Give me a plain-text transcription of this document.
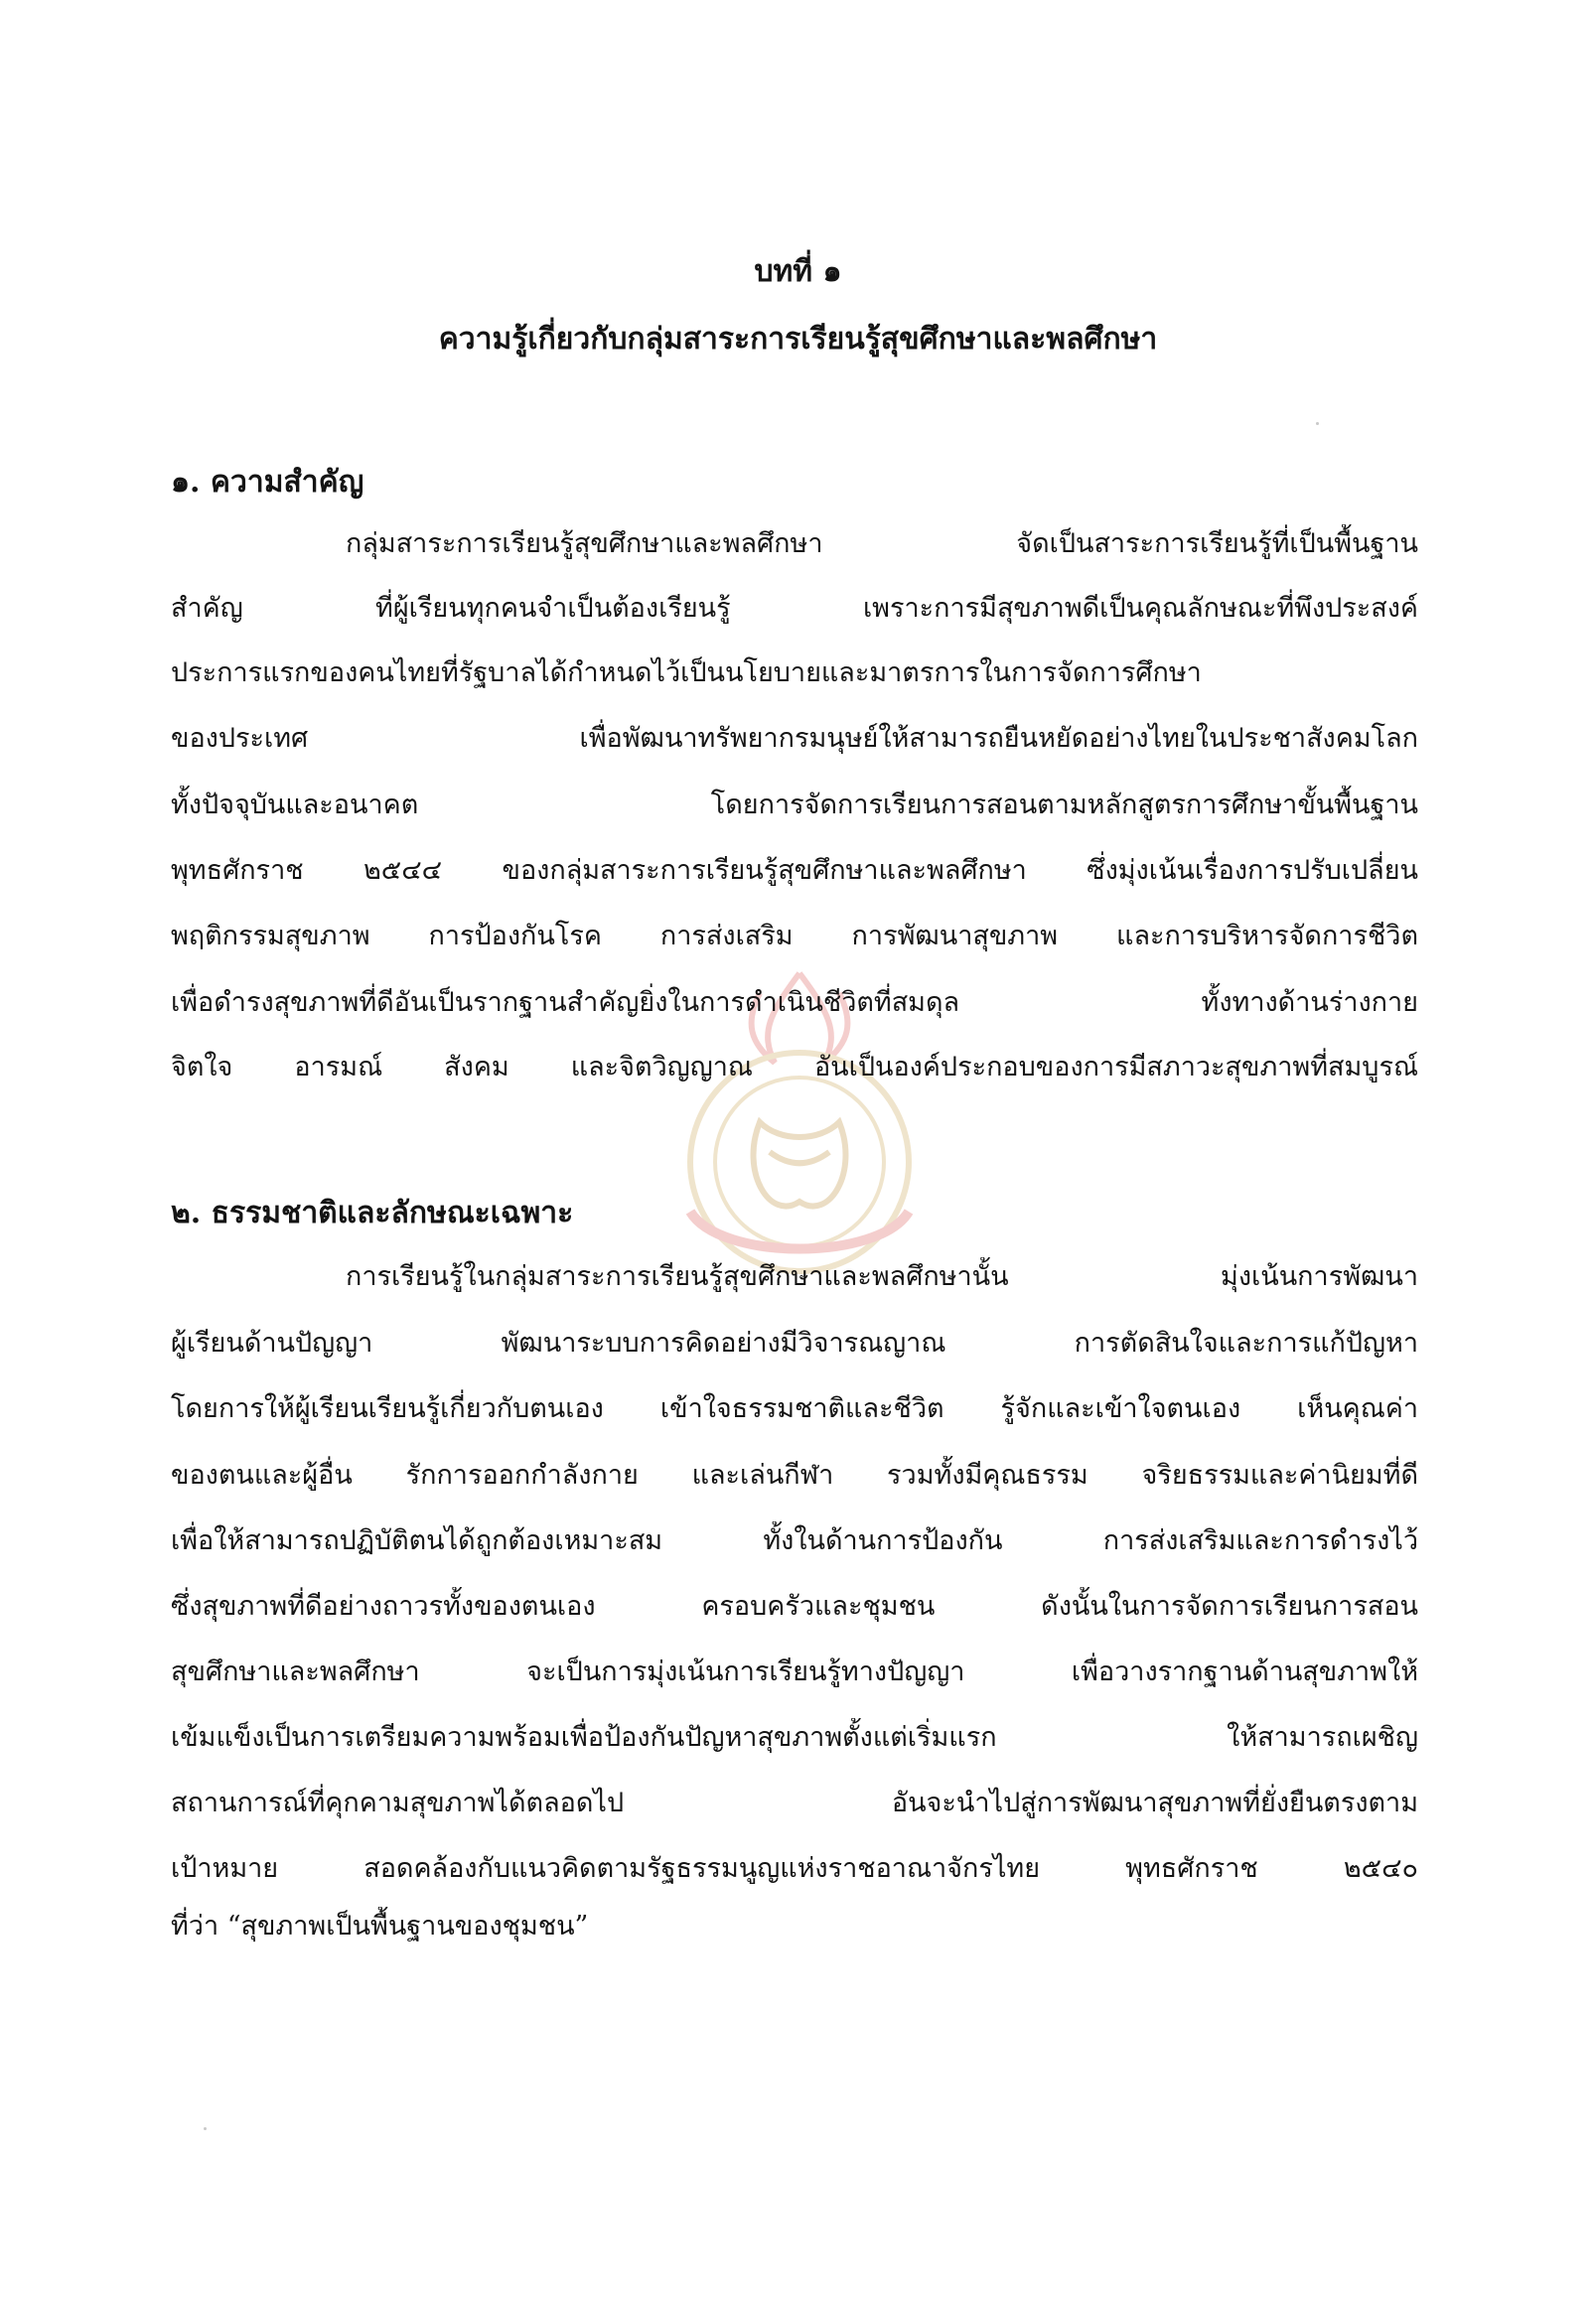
บทที่ ๑
ความรู้เกี่ยวกับกลุ่มสาระการเรียนรู้สุขศึกษาและพลศึกษา
๑. ความสำคัญ
กลุ่มสาระการเรียนรู้สุขศึกษาและพลศึกษา จัดเป็นสาระการเรียนรู้ที่เป็นพื้นฐาน
สำคัญ ที่ผู้เรียนทุกคนจำเป็นต้องเรียนรู้ เพราะการมีสุขภาพดีเป็นคุณลักษณะที่พึงประสงค์
ประการแรกของคนไทยที่รัฐบาลได้กำหนดไว้เป็นนโยบายและมาตรการในการจัดการศึกษา
ของประเทศ เพื่อพัฒนาทรัพยากรมนุษย์ให้สามารถยืนหยัดอย่างไทยในประชาสังคมโลก
ทั้งปัจจุบันและอนาคต โดยการจัดการเรียนการสอนตามหลักสูตรการศึกษาขั้นพื้นฐาน
พุทธศักราช ๒๕๔๔ ของกลุ่มสาระการเรียนรู้สุขศึกษาและพลศึกษา ซึ่งมุ่งเน้นเรื่องการปรับเปลี่ยน
พฤติกรรมสุขภาพ การป้องกันโรค การส่งเสริม การพัฒนาสุขภาพ และการบริหารจัดการชีวิต
เพื่อดำรงสุขภาพที่ดีอันเป็นรากฐานสำคัญยิ่งในการดำเนินชีวิตที่สมดุล ทั้งทางด้านร่างกาย
จิตใจ อารมณ์ สังคม และจิตวิญญาณ อันเป็นองค์ประกอบของการมีสภาวะสุขภาพที่สมบูรณ์
๒. ธรรมชาติและลักษณะเฉพาะ
การเรียนรู้ในกลุ่มสาระการเรียนรู้สุขศึกษาและพลศึกษานั้น มุ่งเน้นการพัฒนา
ผู้เรียนด้านปัญญา พัฒนาระบบการคิดอย่างมีวิจารณญาณ การตัดสินใจและการแก้ปัญหา
โดยการให้ผู้เรียนเรียนรู้เกี่ยวกับตนเอง เข้าใจธรรมชาติและชีวิต รู้จักและเข้าใจตนเอง เห็นคุณค่า
ของตนและผู้อื่น รักการออกกำลังกาย และเล่นกีฬา รวมทั้งมีคุณธรรม จริยธรรมและค่านิยมที่ดี
เพื่อให้สามารถปฏิบัติตนได้ถูกต้องเหมาะสม ทั้งในด้านการป้องกัน การส่งเสริมและการดำรงไว้
ซึ่งสุขภาพที่ดีอย่างถาวรทั้งของตนเอง ครอบครัวและชุมชน ดังนั้นในการจัดการเรียนการสอน
สุขศึกษาและพลศึกษา จะเป็นการมุ่งเน้นการเรียนรู้ทางปัญญา เพื่อวางรากฐานด้านสุขภาพให้
เข้มแข็งเป็นการเตรียมความพร้อมเพื่อป้องกันปัญหาสุขภาพตั้งแต่เริ่มแรก ให้สามารถเผชิญ
สถานการณ์ที่คุกคามสุขภาพได้ตลอดไป อันจะนำไปสู่การพัฒนาสุขภาพที่ยั่งยืนตรงตาม
เป้าหมาย สอดคล้องกับแนวคิดตามรัฐธรรมนูญแห่งราชอาณาจักรไทย พุทธศักราช ๒๕๔๐
ที่ว่า “สุขภาพเป็นพื้นฐานของชุมชน”
